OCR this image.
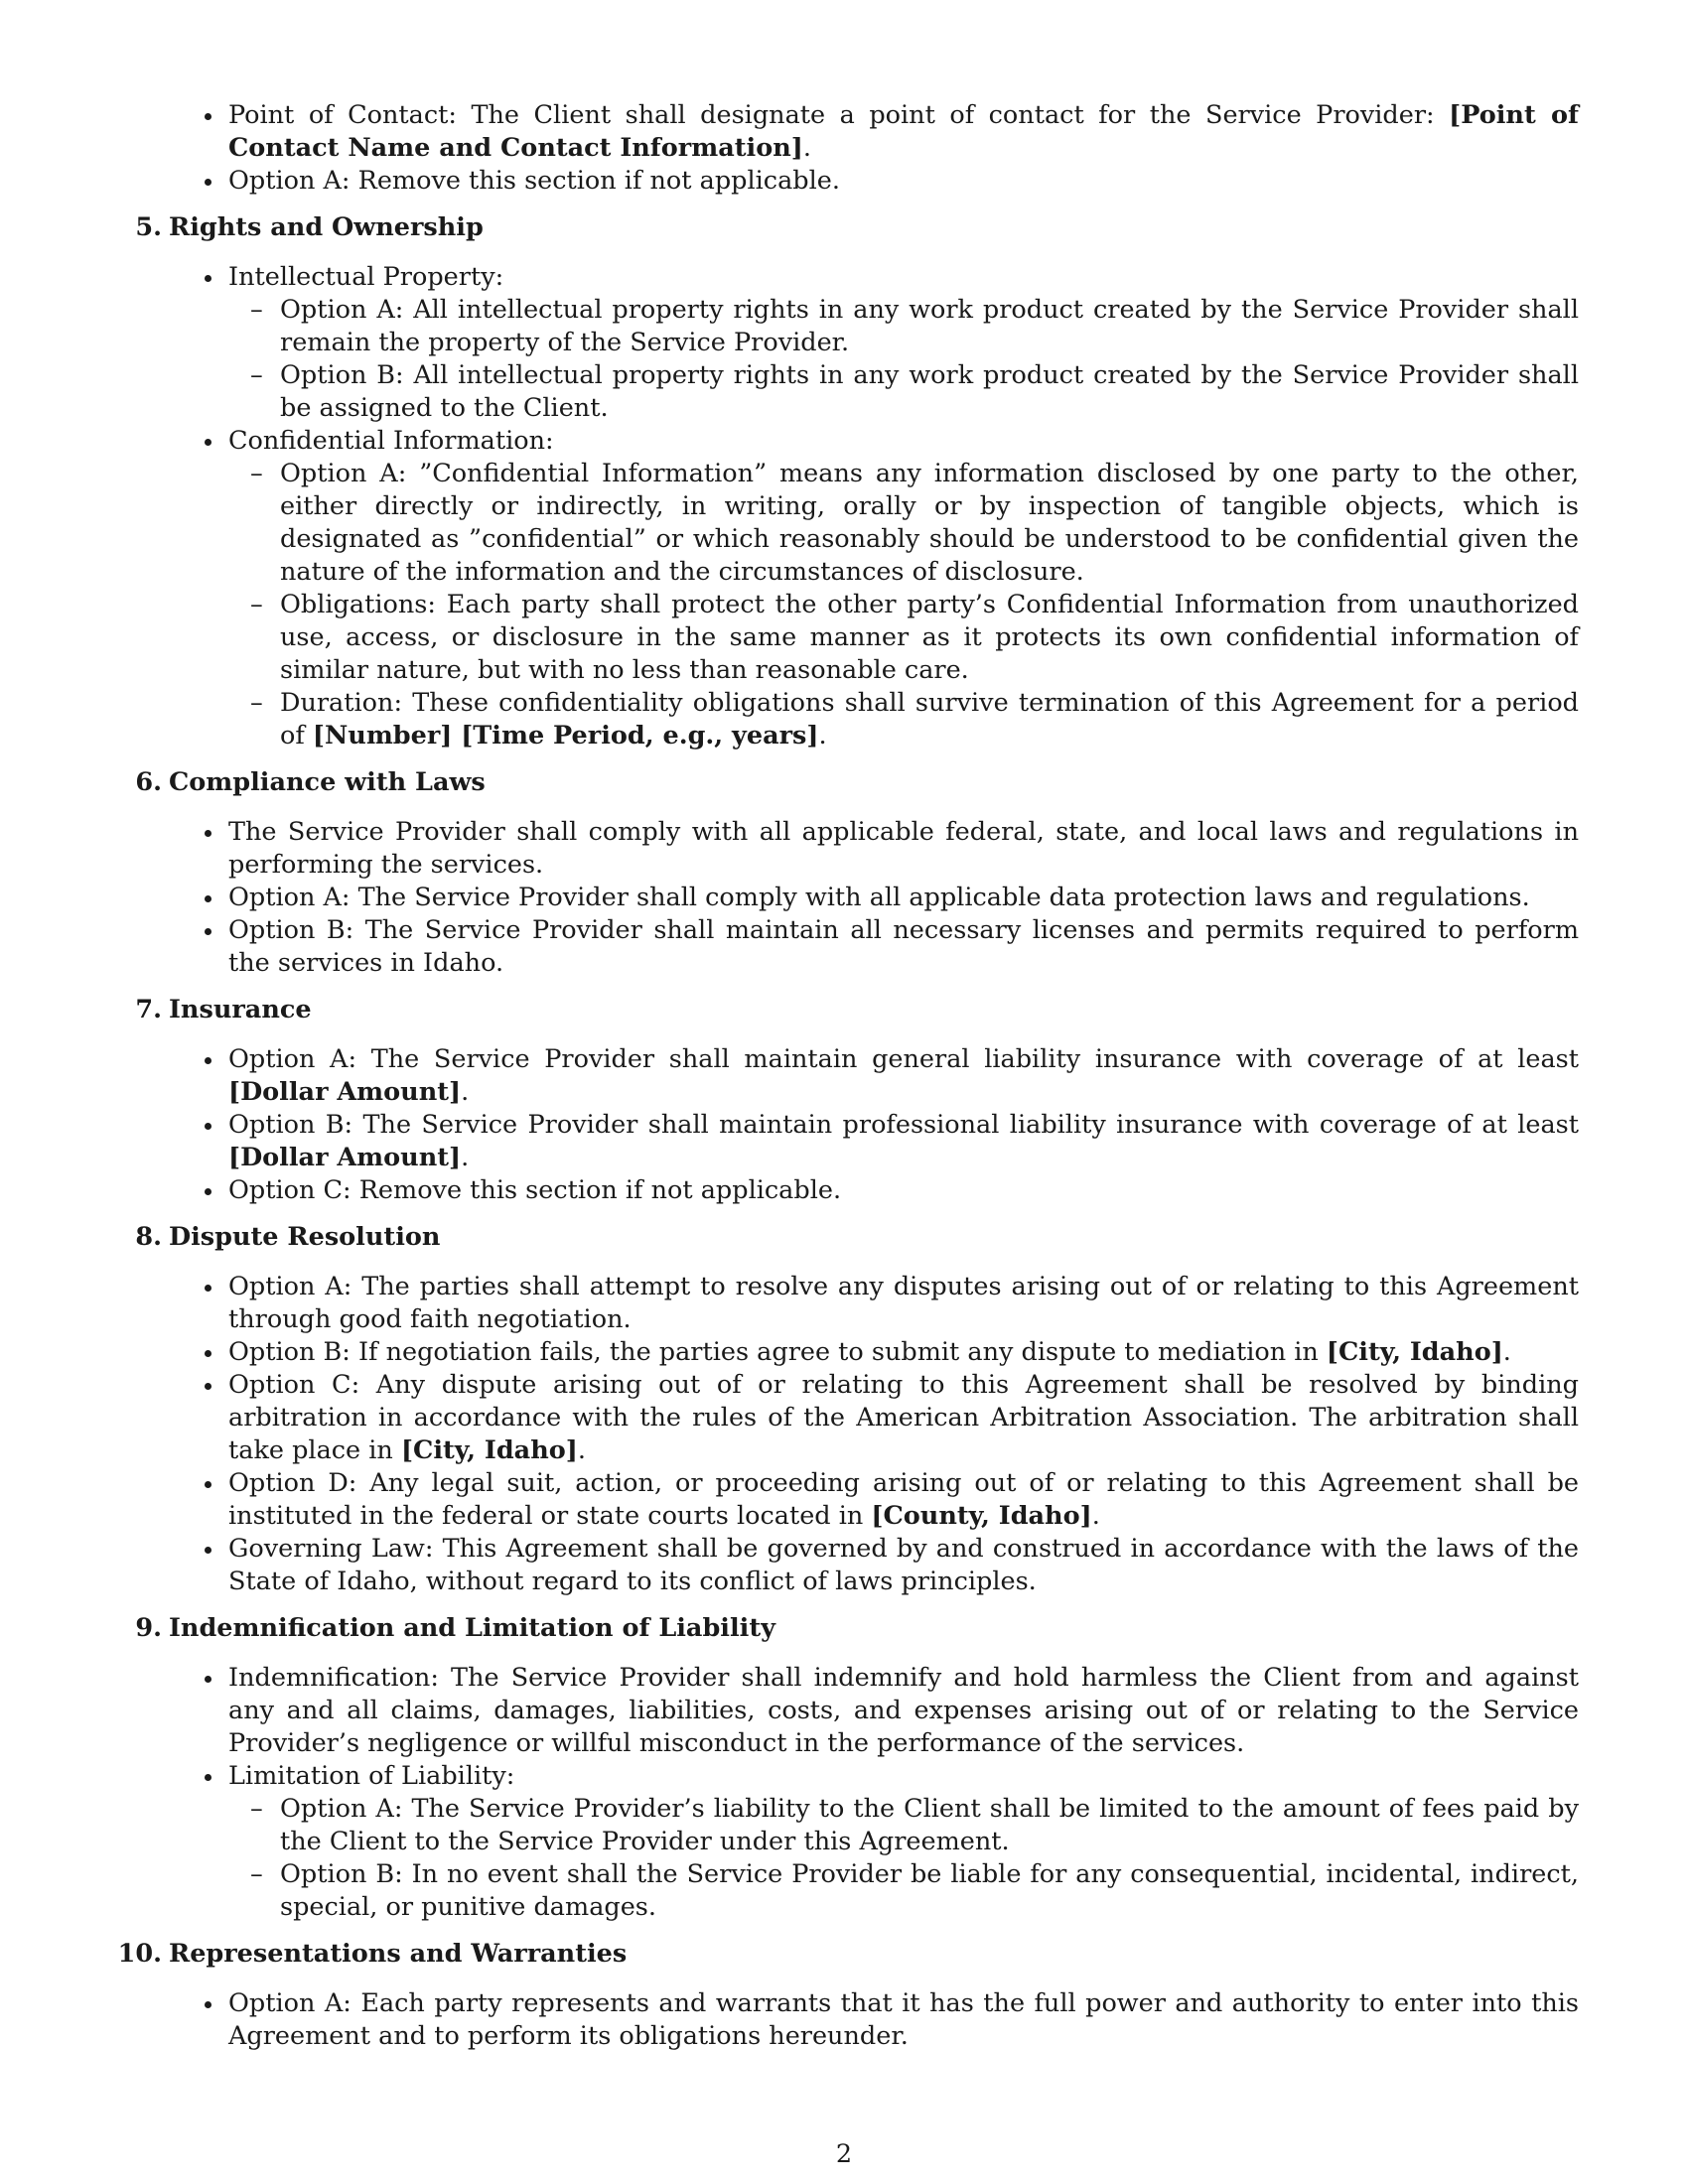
Point of Contact: The Client shall designate a point of contact for the Service Provider: [Point of Contact Name and Contact Information].
Option A: Remove this section if not applicable.
5. Rights and Ownership
Intellectual Property:
– Option A: All intellectual property rights in any work product created by the Service Provider shall remain the property of the Service Provider.
– Option B: All intellectual property rights in any work product created by the Service Provider shall be assigned to the Client.
Confidential Information:
– Option A: ”Confidential Information” means any information disclosed by one party to the other, either directly or indirectly, in writing, orally or by inspection of tangible objects, which is designated as ”confidential” or which reasonably should be understood to be confidential given the nature of the information and the circumstances of disclosure.
– Obligations: Each party shall protect the other party’s Confidential Information from unauthorized use, access, or disclosure in the same manner as it protects its own confidential information of similar nature, but with no less than reasonable care.
– Duration: These confidentiality obligations shall survive termination of this Agreement for a period of [Number] [Time Period, e.g., years].
6. Compliance with Laws
The Service Provider shall comply with all applicable federal, state, and local laws and regulations in performing the services.
Option A: The Service Provider shall comply with all applicable data protection laws and regulations.
Option B: The Service Provider shall maintain all necessary licenses and permits required to perform the services in Idaho.
7. Insurance
Option A: The Service Provider shall maintain general liability insurance with coverage of at least [Dollar Amount].
Option B: The Service Provider shall maintain professional liability insurance with coverage of at least [Dollar Amount].
Option C: Remove this section if not applicable.
8. Dispute Resolution
Option A: The parties shall attempt to resolve any disputes arising out of or relating to this Agreement through good faith negotiation.
Option B: If negotiation fails, the parties agree to submit any dispute to mediation in [City, Idaho].
Option C: Any dispute arising out of or relating to this Agreement shall be resolved by binding arbitration in accordance with the rules of the American Arbitration Association. The arbitration shall take place in [City, Idaho].
Option D: Any legal suit, action, or proceeding arising out of or relating to this Agreement shall be instituted in the federal or state courts located in [County, Idaho].
Governing Law: This Agreement shall be governed by and construed in accordance with the laws of the State of Idaho, without regard to its conflict of laws principles.
9. Indemnification and Limitation of Liability
Indemnification: The Service Provider shall indemnify and hold harmless the Client from and against any and all claims, damages, liabilities, costs, and expenses arising out of or relating to the Service Provider’s negligence or willful misconduct in the performance of the services.
Limitation of Liability:
– Option A: The Service Provider’s liability to the Client shall be limited to the amount of fees paid by the Client to the Service Provider under this Agreement.
– Option B: In no event shall the Service Provider be liable for any consequential, incidental, indirect, special, or punitive damages.
10. Representations and Warranties
Option A: Each party represents and warrants that it has the full power and authority to enter into this Agreement and to perform its obligations hereunder.
2
